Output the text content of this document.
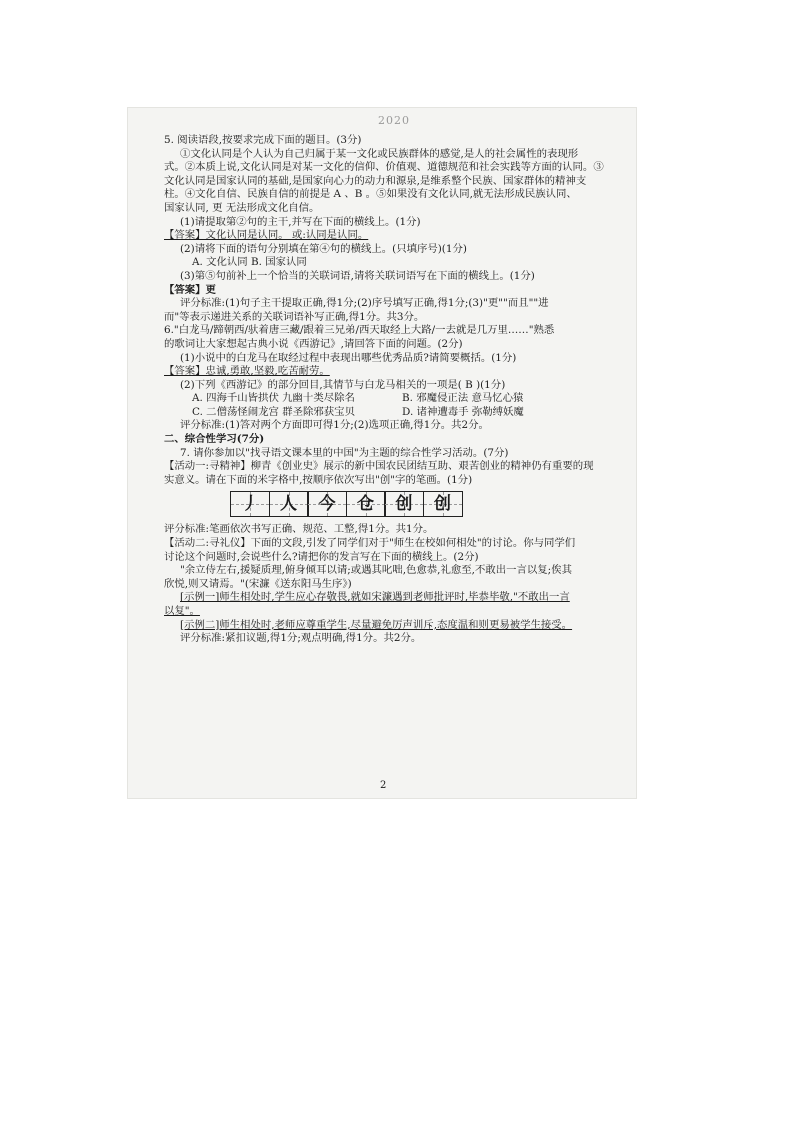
2020

5. 阅读语段,按要求完成下面的题目。(3分)

①文化认同是个人认为自己归属于某一文化或民族群体的感觉,是人的社会属性的表现形

式。②本质上说,文化认同是对某一文化的信仰、价值观、道德规范和社会实践等方面的认同。③

文化认同是国家认同的基础,是国家向心力的动力和源泉,是维系整个民族、国家群体的精神支

柱。④文化自信、民族自信的前提是 A 、B 。⑤如果没有文化认同,就无法形成民族认同、

国家认同, 更 无法形成文化自信。

(1)请提取第②句的主干,并写在下面的横线上。(1分)

【答案】文化认同是认同。 或:认同是认同。

(2)请将下面的语句分别填在第④句的横线上。(只填序号)(1分)

A. 文化认同 B. 国家认同

(3)第⑤句前补上一个恰当的关联词语,请将关联词语写在下面的横线上。(1分)

【答案】更

评分标准:(1)句子主干提取正确,得1分;(2)序号填写正确,得1分;(3)"更""而且""进

而"等表示递进关系的关联词语补写正确,得1分。共3分。

6."白龙马/蹄朝西/驮着唐三藏/跟着三兄弟/西天取经上大路/一去就是几万里……"熟悉

的歌词让大家想起古典小说《西游记》,请回答下面的问题。(2分)

(1)小说中的白龙马在取经过程中表现出哪些优秀品质?请简要概括。(1分)

【答案】忠诚,勇敢,坚毅,吃苦耐劳。

(2)下列《西游记》的部分回目,其情节与白龙马相关的一项是( B )(1分)

A. 四海千山皆拱伏 九幽十类尽除名	B. 邪魔侵正法 意马忆心猿
C. 二僧荡怪闹龙宫 群圣除邪获宝贝	D. 诸神遭毒手 弥勒缚妖魔

评分标准:(1)答对两个方面即可得1分;(2)选项正确,得1分。共2分。

二、综合性学习(7分)

7. 请你参加以"找寻语文课本里的中国"为主题的综合性学习活动。(7分)

【活动一:寻精神】柳青《创业史》展示的新中国农民团结互助、艰苦创业的精神仍有重要的现

实意义。请在下面的米字格中,按顺序依次写出"创"字的笔画。(1分)

丿 人 今 仓 创 创

评分标准:笔画依次书写正确、规范、工整,得1分。共1分。

【活动二:寻礼仪】下面的文段,引发了同学们对于"师生在校如何相处"的讨论。你与同学们

讨论这个问题时,会说些什么?请把你的发言写在下面的横线上。(2分)

"余立侍左右,援疑质理,俯身倾耳以请;或遇其叱咄,色愈恭,礼愈至,不敢出一言以复;俟其

欣悦,则又请焉。"(宋濂《送东阳马生序》)

[示例一]师生相处时,学生应心存敬畏,就如宋濂遇到老师批评时,毕恭毕敬,"不敢出一言

以复"。

[示例二]师生相处时,老师应尊重学生,尽量避免厉声训斥,态度温和则更易被学生接受。

评分标准:紧扣议题,得1分;观点明确,得1分。共2分。

2
